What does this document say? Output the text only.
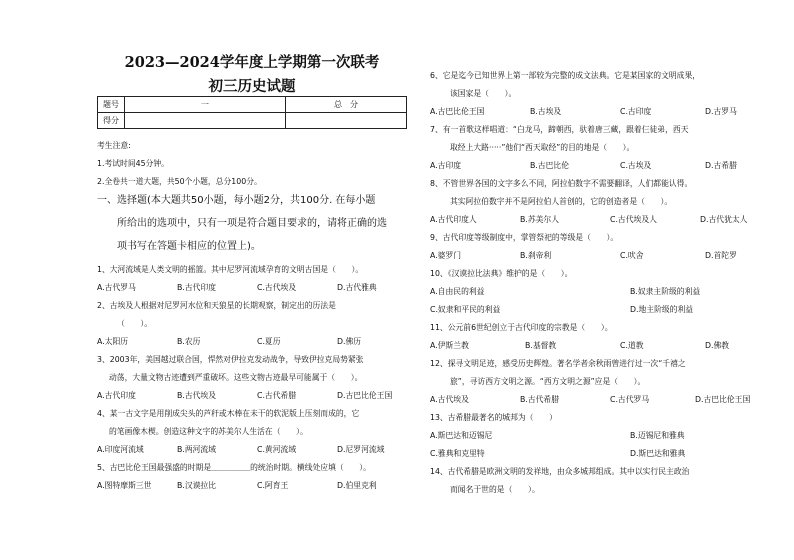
2023—2024学年度上学期第一次联考
初三历史试题
题号	一	总　分
得分		
考生注意:
1.考试时间45分钟。
2.全卷共一道大题，共50个小题，总分100分。
一、选择题(本大题共50小题，每小题2分，共100分. 在每小题
所给出的选项中，只有一项是符合题目要求的，请将正确的选
项书写在答题卡相应的位置上)。
1、大河流域是人类文明的摇篮。其中尼罗河流域孕育的文明古国是（　　）。
A.古代罗马	B.古代印度	C.古代埃及	D.古代雅典
2、古埃及人根据对尼罗河水位和天狼星的长期观察，制定出的历法是
（　　）。
A.太阳历	B.农历	C.夏历	D.佛历
3、2003年，美国越过联合国，悍然对伊拉克发动战争，导致伊拉克局势紧张
动荡，大量文物古迹遭到严重破坏。这些文物古迹最早可能属于（　　）。
A.古代印度	B.古代埃及	C.古代希腊	D.古巴比伦王国
4、某一古文字是用削成尖头的芦秆或木棒在未干的软泥版上压刻而成的，它
的笔画像木楔。创造这种文字的苏美尔人生活在（　　）。
A.印度河流域	B.两河流域	C.黄河流域	D.尼罗河流域
5、古巴比伦王国最强盛的时期是＿＿＿＿＿的统治时期。横线处应填（　　）。
A.图特摩斯三世	B.汉谟拉比	C.阿育王	D.伯里克利
6、它是迄今已知世界上第一部较为完整的成文法典。它是某国家的文明成果，
该国家是（　　）。
A.古巴比伦王国	B.古埃及	C.古印度	D.古罗马
7、有一首歌这样唱道：“白龙马，蹄朝西，驮着唐三藏，跟着仨徒弟，西天
取经上大路·····”他们“西天取经”的目的地是（　　）。
A.古印度	B.古巴比伦	C.古埃及	D.古希腊
8、不管世界各国的文字多么不同，阿拉伯数字不需要翻译，人们都能认得。
其实阿拉伯数字并不是阿拉伯人首创的，它的创造者是（　　）。
A.古代印度人	B.苏美尔人	C.古代埃及人	D.古代犹太人
9、古代印度等级制度中，掌管祭祀的等级是（　　）。
A.婆罗门	B.刹帝利	C.吠舍	D.首陀罗
10、《汉谟拉比法典》维护的是（　　）。
A.自由民的利益	B.奴隶主阶级的利益
C.奴隶和平民的利益	D.地主阶级的利益
11、公元前6世纪创立于古代印度的宗教是（　　）。
A.伊斯兰教	B.基督教	C.道教	D.佛教
12、探寻文明足迹，感受历史辉煌。著名学者余秋雨曾进行过一次“千禧之
旅”，寻访西方文明之源。“西方文明之源”应是（　　）。
A.古代埃及	B.古代希腊	C.古代罗马	D.古巴比伦王国
13、古希腊最著名的城邦为（　　）
A.斯巴达和迈锡尼	B.迈锡尼和雅典
C.雅典和克里特	D.斯巴达和雅典
14、古代希腊是欧洲文明的发祥地，由众多城邦组成。其中以实行民主政治
而闻名于世的是（　　）。
